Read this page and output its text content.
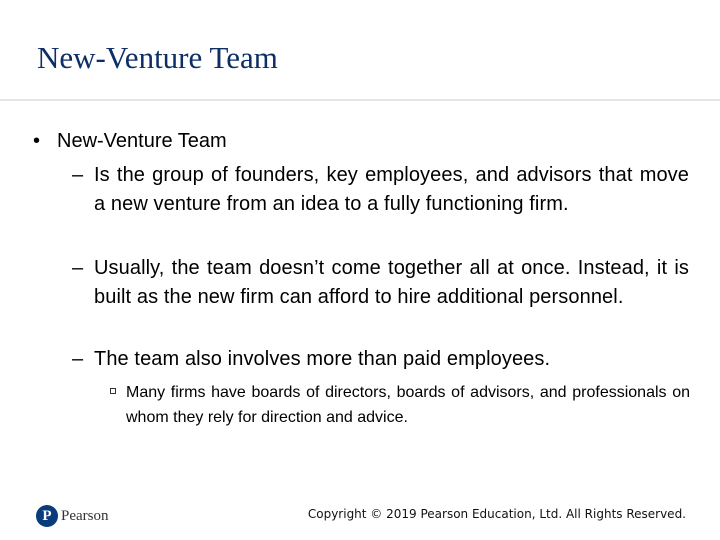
New-Venture Team
• New-Venture Team
– Is the group of founders, key employees, and advisors that move a new venture from an idea to a fully functioning firm.
– Usually, the team doesn’t come together all at once. Instead, it is built as the new firm can afford to hire additional personnel.
– The team also involves more than paid employees.
Many firms have boards of directors, boards of advisors, and professionals on whom they rely for direction and advice.
P Pearson	Copyright © 2019 Pearson Education, Ltd. All Rights Reserved.
